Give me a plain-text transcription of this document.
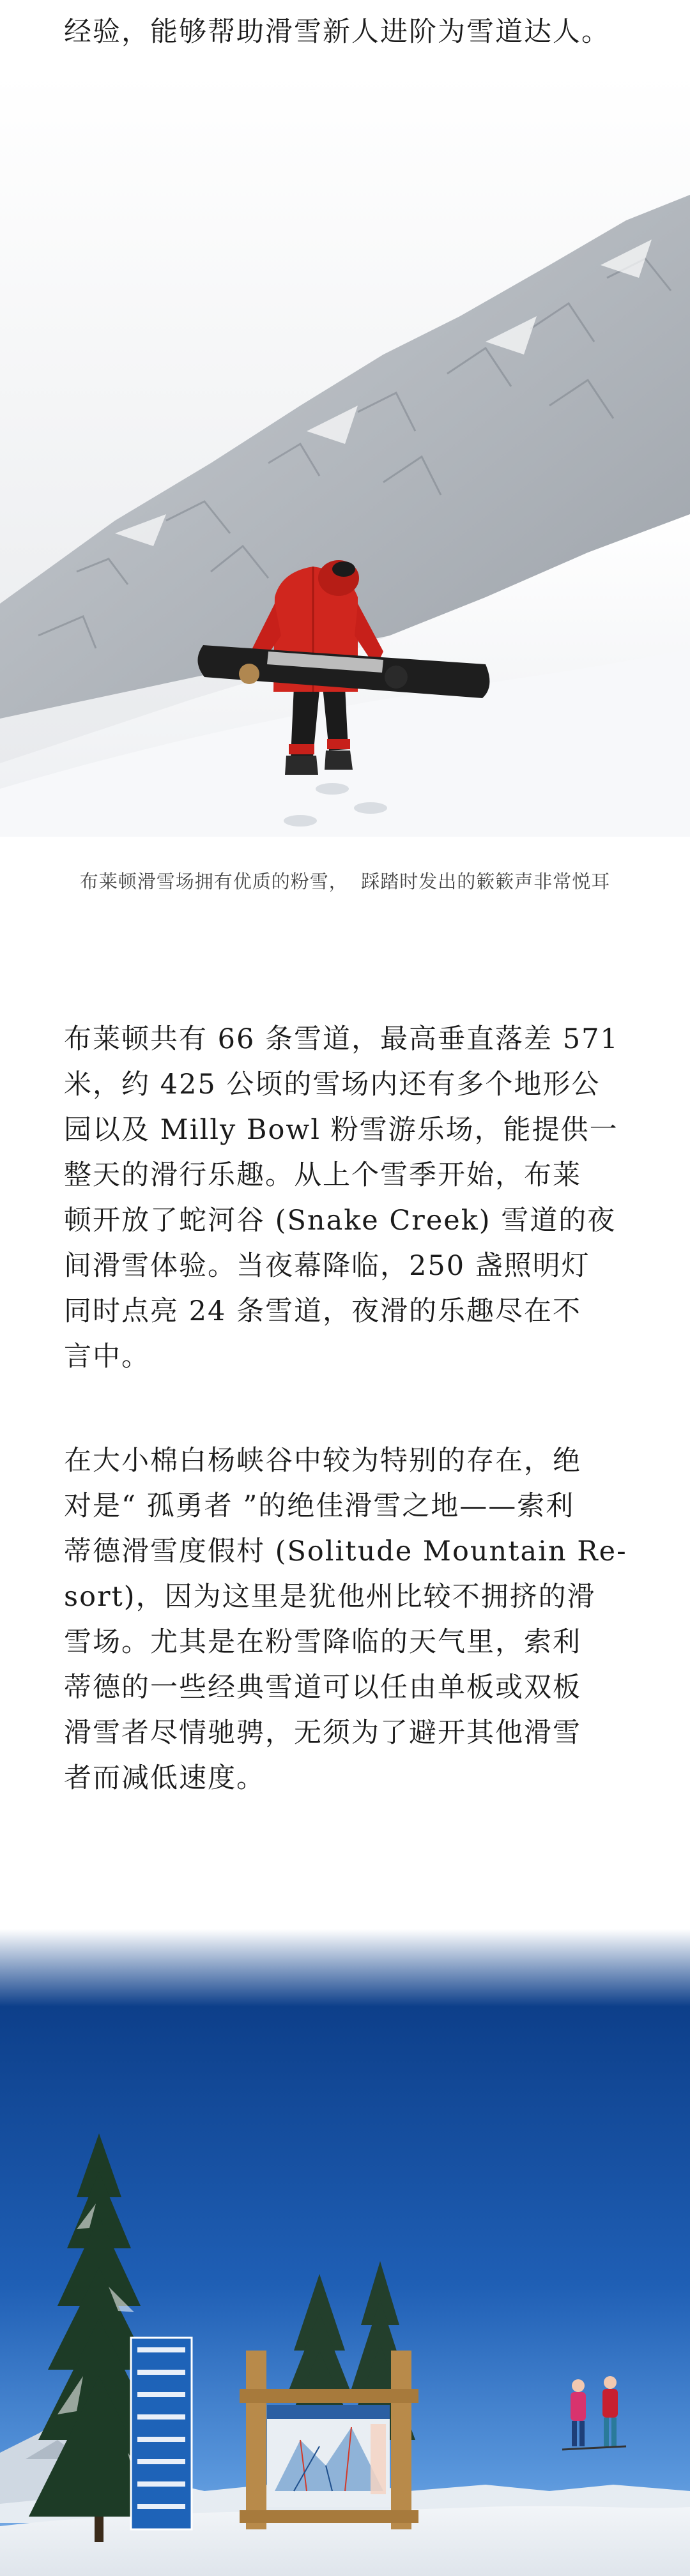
经验，能够帮助滑雪新人进阶为雪道达人。

布莱顿滑雪场拥有优质的粉雪，  踩踏时发出的簌簌声非常悦耳

布莱顿共有 66 条雪道，最高垂直落差 571
米，约 425 公顷的雪场内还有多个地形公
园以及 Milly Bowl 粉雪游乐场，能提供一
整天的滑行乐趣。从上个雪季开始，布莱
顿开放了蛇河谷 (Snake Creek) 雪道的夜
间滑雪体验。当夜幕降临，250 盏照明灯
同时点亮 24 条雪道，夜滑的乐趣尽在不
言中。

在大小棉白杨峡谷中较为特别的存在，绝
对是“ 孤勇者 ”的绝佳滑雪之地——索利
蒂德滑雪度假村 (Solitude Mountain Re-
sort)，因为这里是犹他州比较不拥挤的滑
雪场。尤其是在粉雪降临的天气里，索利
蒂德的一些经典雪道可以任由单板或双板
滑雪者尽情驰骋，无须为了避开其他滑雪
者而减低速度。
